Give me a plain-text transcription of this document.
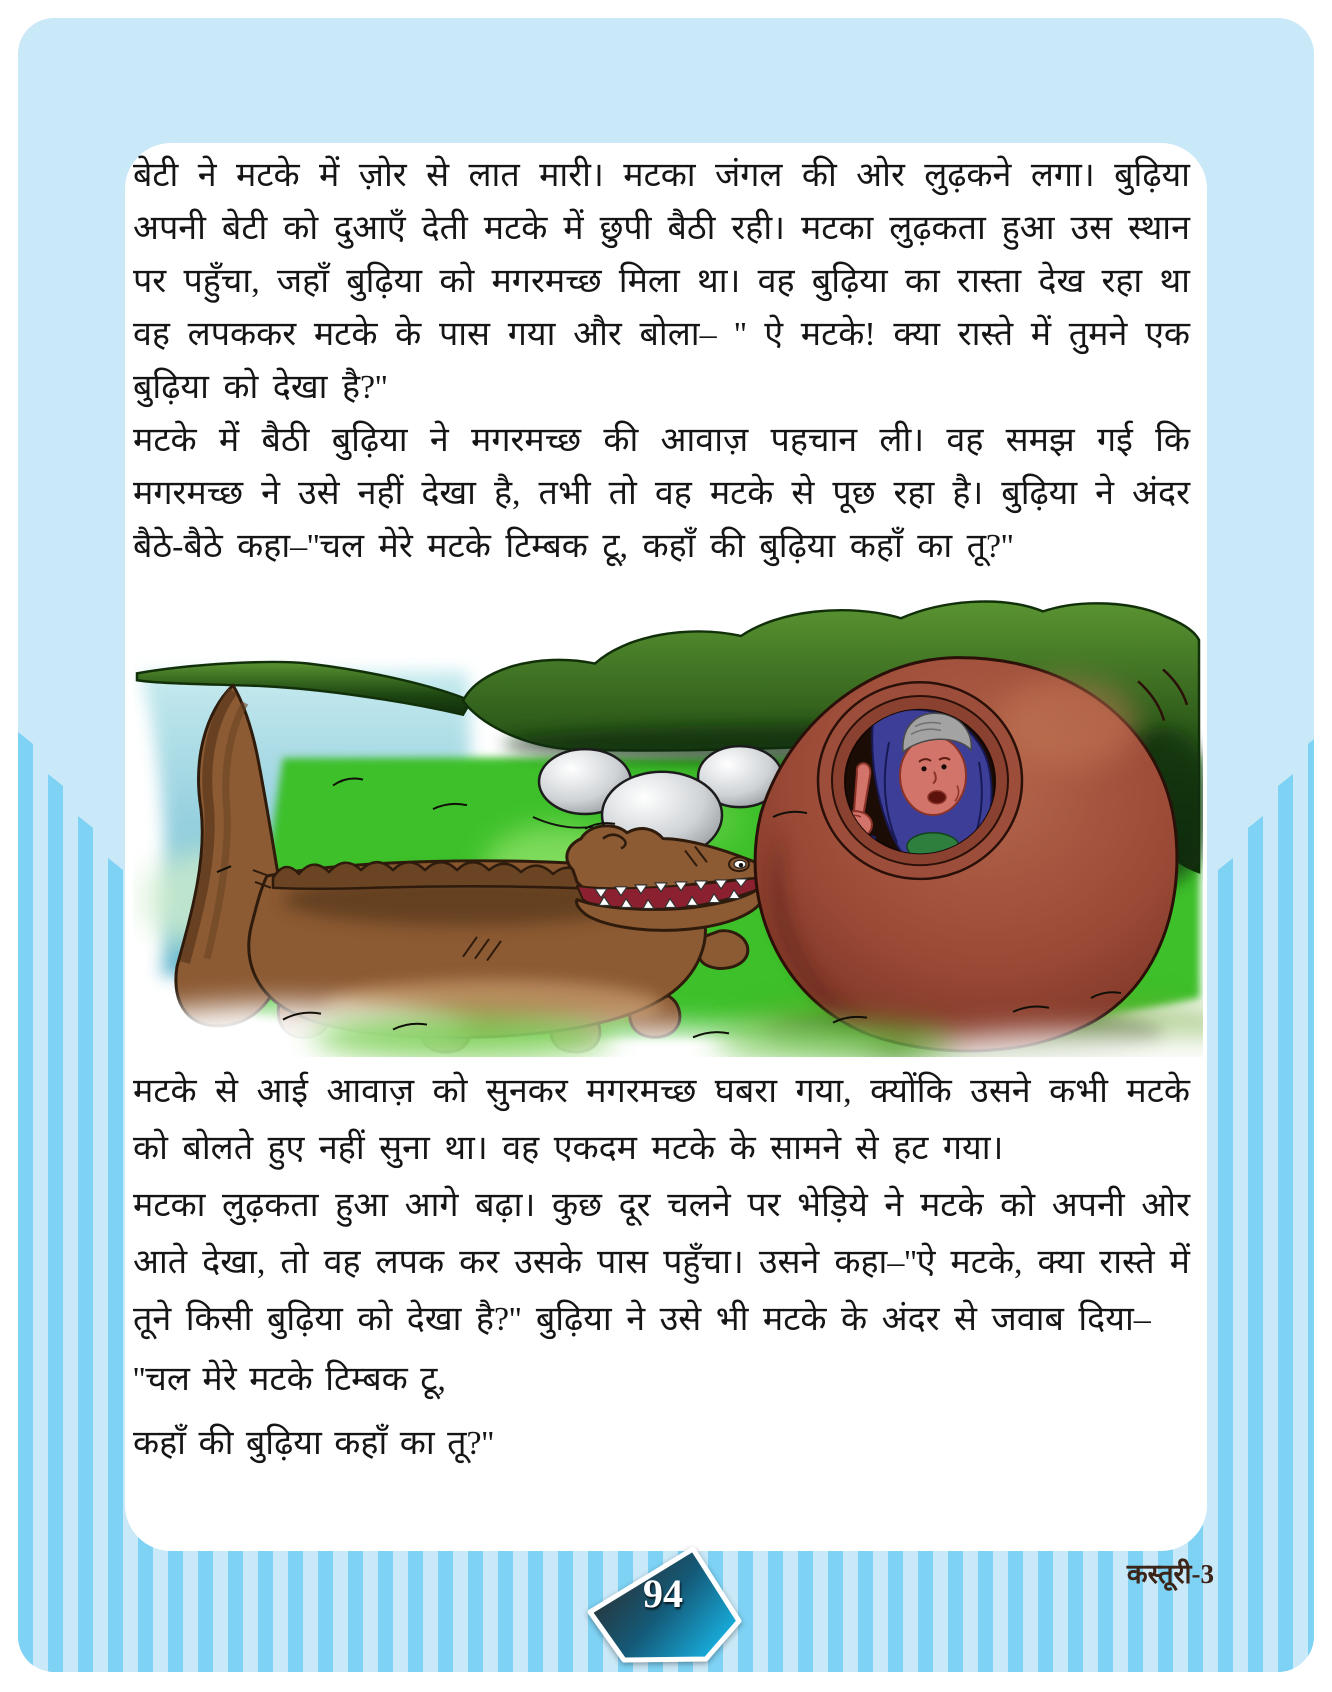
बेटी ने मटके में ज़ोर से लात मारी। मटका जंगल की ओर लुढ़कने लगा। बुढ़िया अपनी बेटी को दुआएँ देती मटके में छुपी बैठी रही। मटका लुढ़कता हुआ उस स्थान पर पहुँचा, जहाँ बुढ़िया को मगरमच्छ मिला था। वह बुढ़िया का रास्ता देख रहा था वह लपककर मटके के पास गया और बोला– '' ऐ मटके! क्या रास्ते में तुमने एक बुढ़िया को देखा है?''

मटके में बैठी बुढ़िया ने मगरमच्छ की आवाज़ पहचान ली। वह समझ गई कि मगरमच्छ ने उसे नहीं देखा है, तभी तो वह मटके से पूछ रहा है। बुढ़िया ने अंदर बैठे-बैठे कहा–''चल मेरे मटके टिम्बक टू, कहाँ की बुढ़िया कहाँ का तू?''

मटके से आई आवाज़ को सुनकर मगरमच्छ घबरा गया, क्योंकि उसने कभी मटके को बोलते हुए नहीं सुना था। वह एकदम मटके के सामने से हट गया।

मटका लुढ़कता हुआ आगे बढ़ा। कुछ दूर चलने पर भेड़िये ने मटके को अपनी ओर आते देखा, तो वह लपक कर उसके पास पहुँचा। उसने कहा–''ऐ मटके, क्या रास्ते में तूने किसी बुढ़िया को देखा है?'' बुढ़िया ने उसे भी मटके के अंदर से जवाब दिया–

''चल मेरे मटके टिम्बक टू,

कहाँ की बुढ़िया कहाँ का तू?''

94	कस्तूरी-3
